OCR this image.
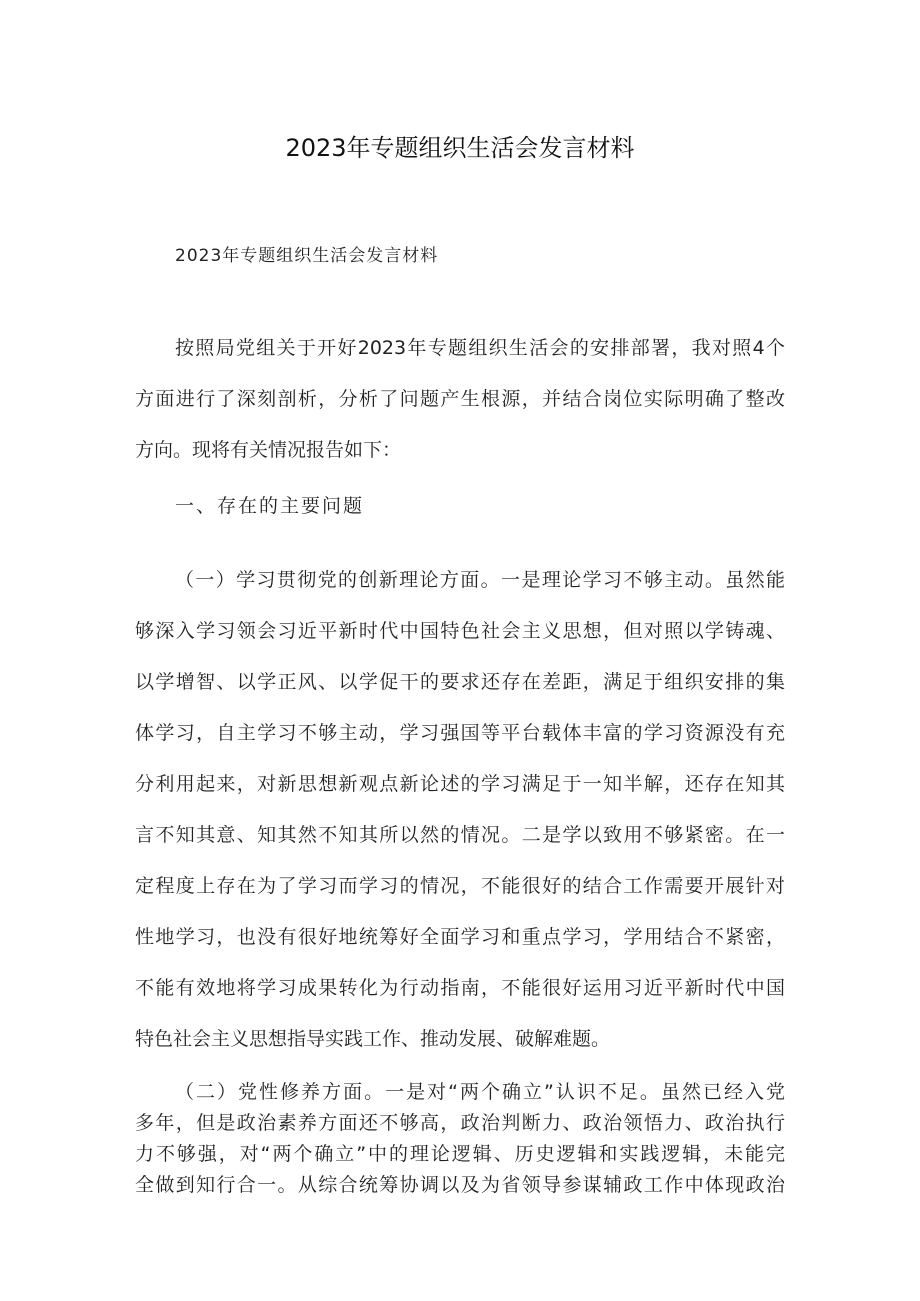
2023年专题组织生活会发言材料
2023年专题组织生活会发言材料
按照局党组关于开好2023年专题组织生活会的安排部署，我对照4个
方面进行了深刻剖析，分析了问题产生根源，并结合岗位实际明确了整改
方向。现将有关情况报告如下：
一、存在的主要问题
（一）学习贯彻党的创新理论方面。一是理论学习不够主动。虽然能
够深入学习领会习近平新时代中国特色社会主义思想，但对照以学铸魂、
以学增智、以学正风、以学促干的要求还存在差距，满足于组织安排的集
体学习，自主学习不够主动，学习强国等平台载体丰富的学习资源没有充
分利用起来，对新思想新观点新论述的学习满足于一知半解，还存在知其
言不知其意、知其然不知其所以然的情况。二是学以致用不够紧密。在一
定程度上存在为了学习而学习的情况，不能很好的结合工作需要开展针对
性地学习，也没有很好地统筹好全面学习和重点学习，学用结合不紧密，
不能有效地将学习成果转化为行动指南，不能很好运用习近平新时代中国
特色社会主义思想指导实践工作、推动发展、破解难题。
（二）党性修养方面。一是对“两个确立”认识不足。虽然已经入党
多年，但是政治素养方面还不够高，政治判断力、政治领悟力、政治执行
力不够强，对“两个确立”中的理论逻辑、历史逻辑和实践逻辑，未能完
全做到知行合一。从综合统筹协调以及为省领导参谋辅政工作中体现政治
